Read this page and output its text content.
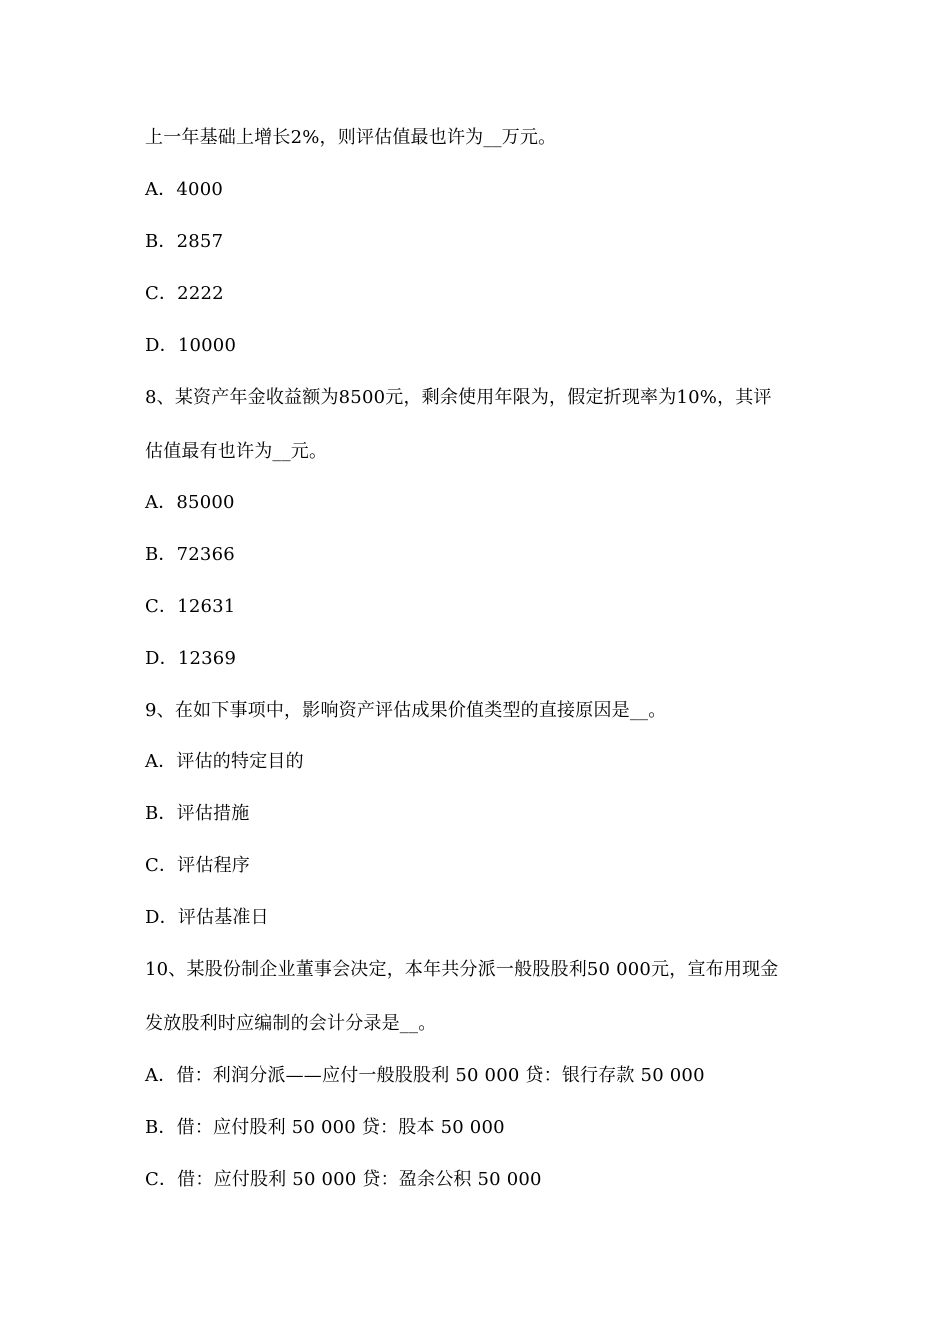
上一年基础上增长2%，则评估值最也许为__万元。
A．4000
B．2857
C．2222
D．10000
8、某资产年金收益额为8500元，剩余使用年限为，假定折现率为10%，其评
估值最有也许为__元。
A．85000
B．72366
C．12631
D．12369
9、在如下事项中，影响资产评估成果价值类型的直接原因是__。
A．评估的特定目的
B．评估措施
C．评估程序
D．评估基准日
10、某股份制企业董事会决定，本年共分派一般股股利50 000元，宣布用现金
发放股利时应编制的会计分录是__。
A．借：利润分派——应付一般股股利 50 000 贷：银行存款 50 000
B．借：应付股利 50 000 贷：股本 50 000
C．借：应付股利 50 000 贷：盈余公积 50 000
